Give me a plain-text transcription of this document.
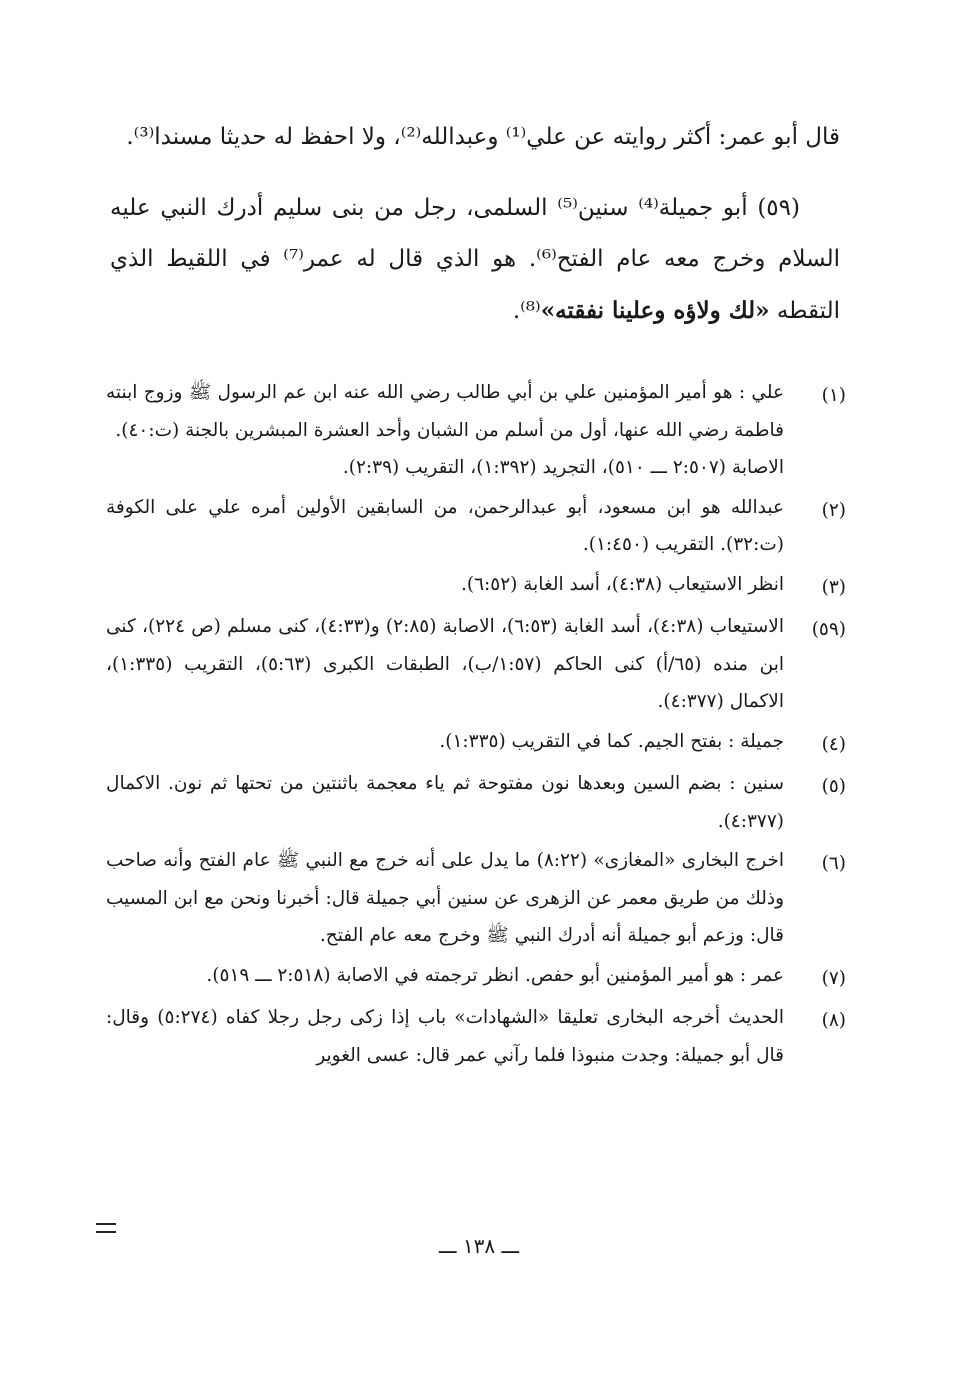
قال أبو عمر: أكثر روايته عن علي⁽¹⁾ وعبدالله⁽²⁾، ولا احفظ له حديثا مسندا⁽³⁾.

(٥٩) أبو جميلة⁽⁴⁾ سنين⁽⁵⁾ السلمى، رجل من بنى سليم أدرك النبي عليه السلام وخرج معه عام الفتح⁽⁶⁾. هو الذي قال له عمر⁽⁷⁾ في اللقيط الذي التقطه «لك ولاؤه وعلينا نفقته»⁽⁸⁾.

(١)

علي : هو أمير المؤمنين علي بن أبي طالب رضي الله عنه ابن عم الرسول ﷺ وزوج ابنته فاطمة رضي الله عنها، أول من أسلم من الشبان وأحد العشرة المبشرين بالجنة (ت:٤٠).

الاصابة (٢:٥٠٧ ـــ ٥١٠)، التجريد (١:٣٩٢)، التقريب (٢:٣٩).

(٢)

عبدالله هو ابن مسعود، أبو عبدالرحمن، من السابقين الأولين أمره علي على الكوفة (ت:٣٢). التقريب (١:٤٥٠).

(٣)

انظر الاستيعاب (٤:٣٨)، أسد الغابة (٦:٥٢).

(٥٩)

الاستيعاب (٤:٣٨)، أسد الغابة (٦:٥٣)، الاصابة (٢:٨٥) و(٤:٣٣)، كنى مسلم (ص ٢٢٤)، كنى ابن منده (٦٥/أ) كنى الحاكم (١:٥٧/ب)، الطبقات الكبرى (٥:٦٣)، التقريب (١:٣٣٥)، الاكمال (٤:٣٧٧).

(٤)

جميلة : بفتح الجيم. كما في التقريب (١:٣٣٥).

(٥)

سنين : بضم السين وبعدها نون مفتوحة ثم ياء معجمة باثنتين من تحتها ثم نون. الاكمال (٤:٣٧٧).

(٦)

اخرج البخارى «المغازى» (٨:٢٢) ما يدل على أنه خرج مع النبي ﷺ عام الفتح وأنه صاحب وذلك من طريق معمر عن الزهرى عن سنين أبي جميلة قال: أخبرنا ونحن مع ابن المسيب قال: وزعم أبو جميلة أنه أدرك النبي ﷺ وخرج معه عام الفتح.

(٧)

عمر : هو أمير المؤمنين أبو حفص. انظر ترجمته في الاصابة (٢:٥١٨ ـــ ٥١٩).

(٨)

الحديث أخرجه البخارى تعليقا «الشهادات» باب إذا زكى رجل رجلا كفاه (٥:٢٧٤) وقال: قال أبو جميلة: وجدت منبوذا فلما رآني عمر قال: عسى الغوير

ـــ ١٣٨ ـــ
